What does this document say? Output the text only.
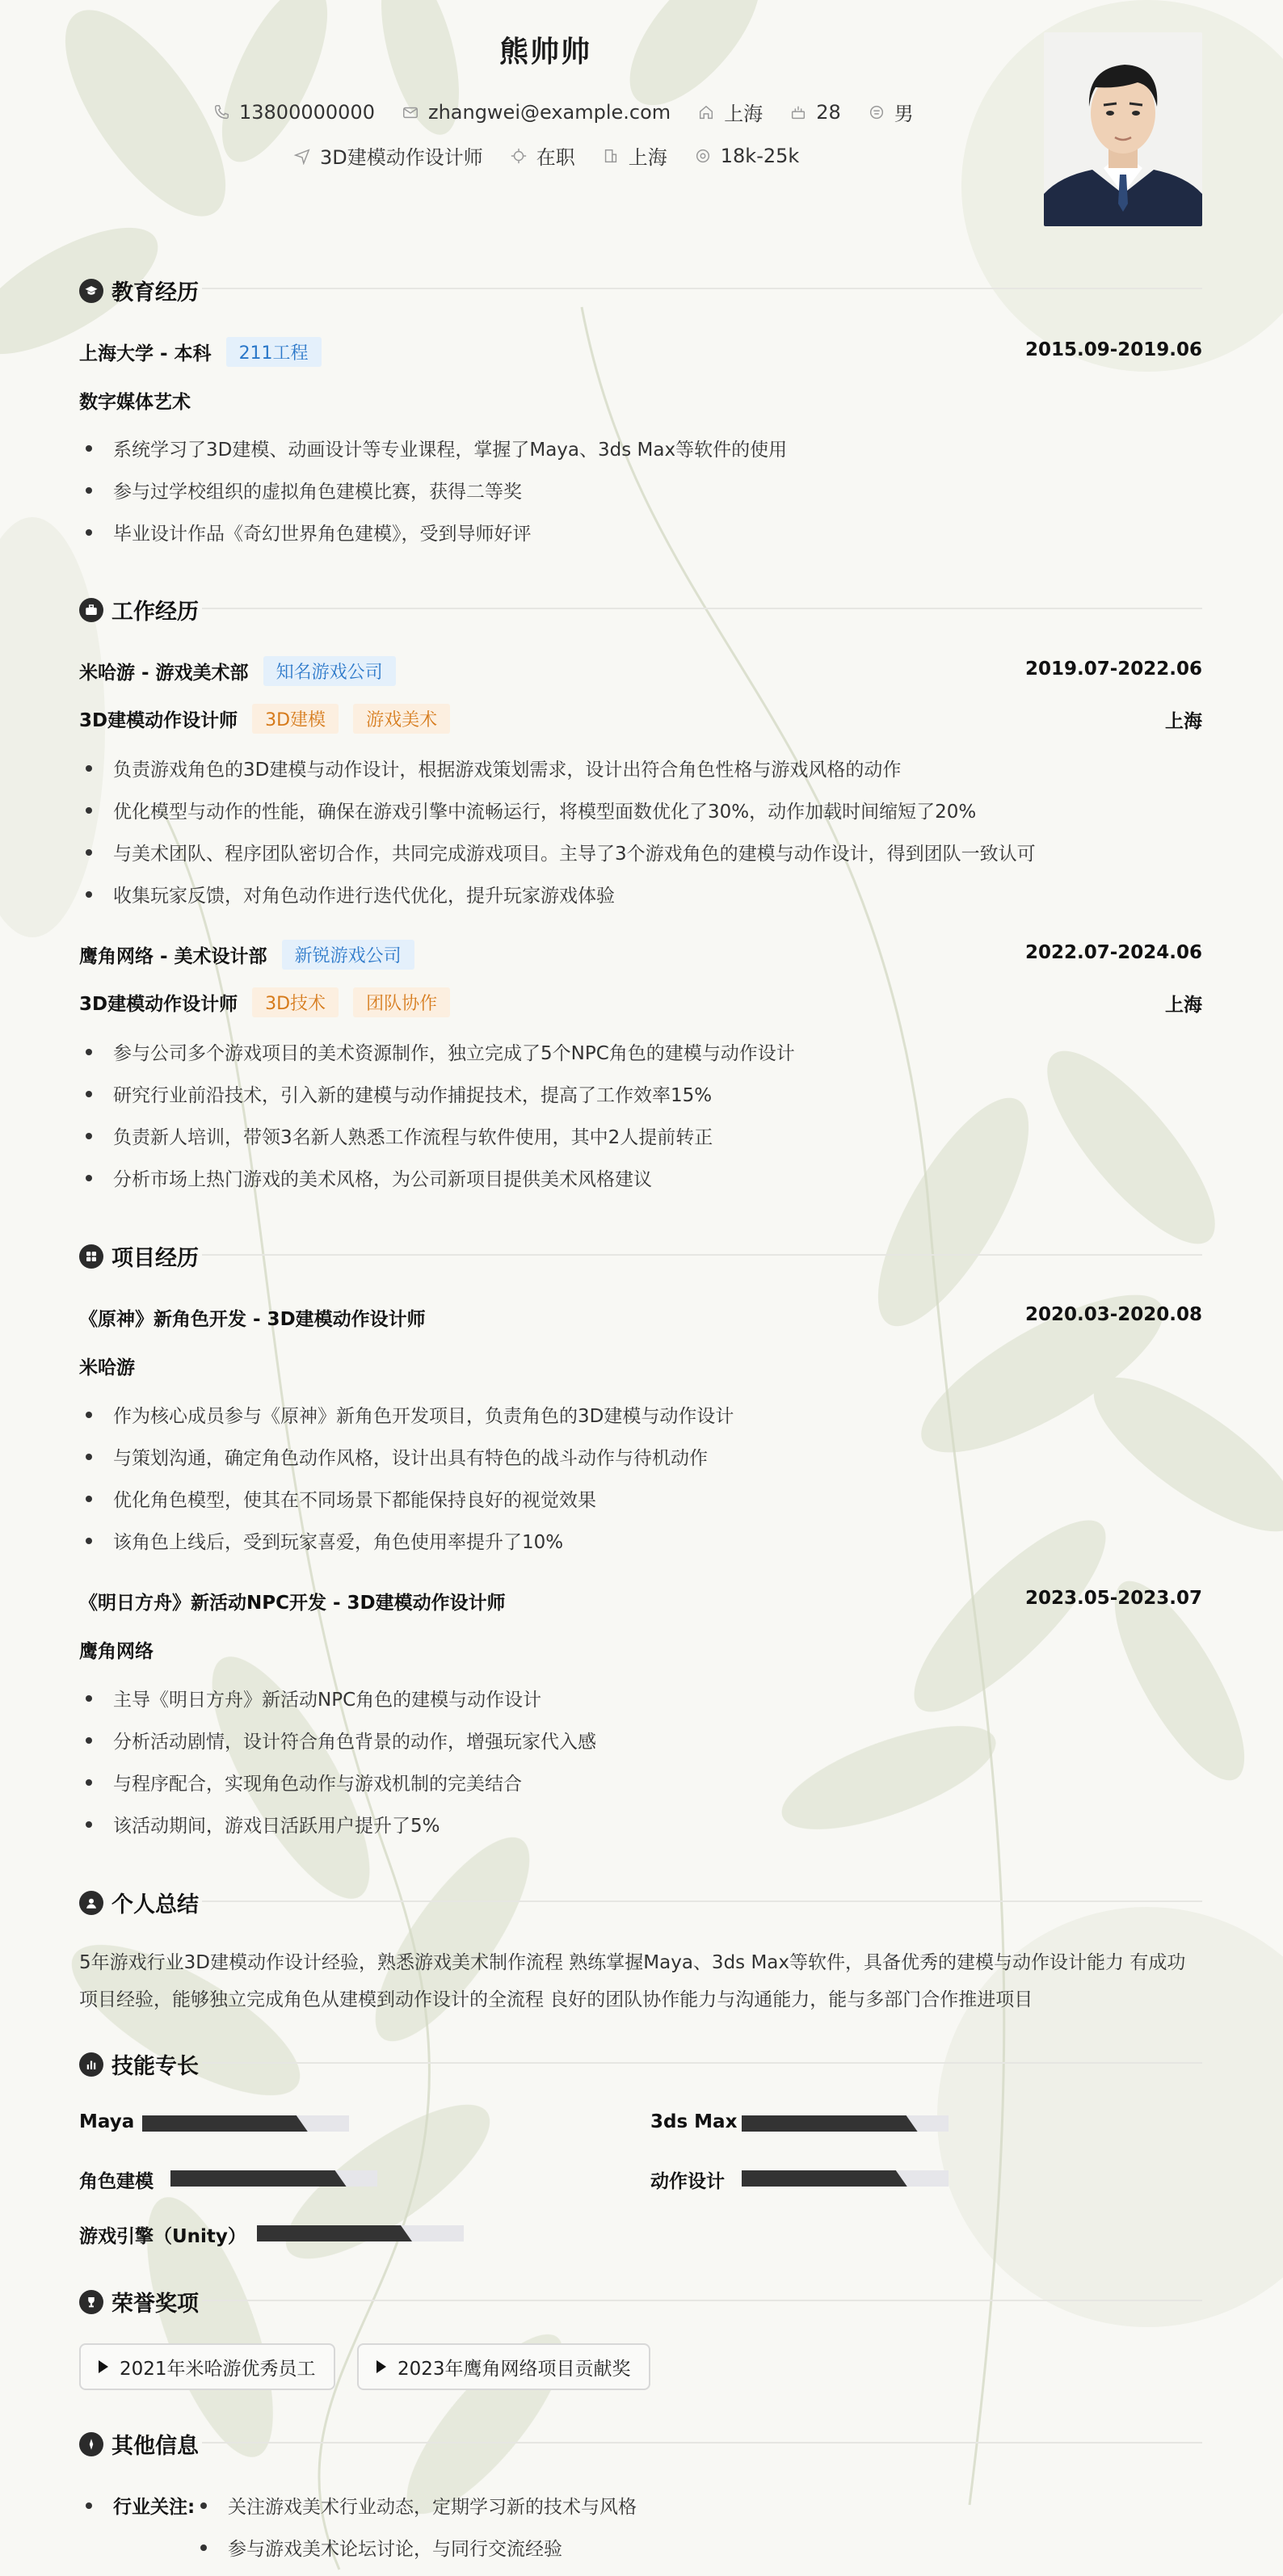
熊帅帅
13800000000	zhangwei@example.com	上海	28	男
3D建模动作设计师	在职	上海	18k-25k
教育经历
上海大学 - 本科	211工程	2015.09-2019.06
数字媒体艺术
系统学习了3D建模、动画设计等专业课程，掌握了Maya、3ds Max等软件的使用
参与过学校组织的虚拟角色建模比赛，获得二等奖
毕业设计作品《奇幻世界角色建模》，受到导师好评
工作经历
米哈游 - 游戏美术部	知名游戏公司	2019.07-2022.06
3D建模动作设计师	3D建模	游戏美术	上海
负责游戏角色的3D建模与动作设计，根据游戏策划需求，设计出符合角色性格与游戏风格的动作
优化模型与动作的性能，确保在游戏引擎中流畅运行，将模型面数优化了30%，动作加载时间缩短了20%
与美术团队、程序团队密切合作，共同完成游戏项目。主导了3个游戏角色的建模与动作设计，得到团队一致认可
收集玩家反馈，对角色动作进行迭代优化，提升玩家游戏体验
鹰角网络 - 美术设计部	新锐游戏公司	2022.07-2024.06
3D建模动作设计师	3D技术	团队协作	上海
参与公司多个游戏项目的美术资源制作，独立完成了5个NPC角色的建模与动作设计
研究行业前沿技术，引入新的建模与动作捕捉技术，提高了工作效率15%
负责新人培训，带领3名新人熟悉工作流程与软件使用，其中2人提前转正
分析市场上热门游戏的美术风格，为公司新项目提供美术风格建议
项目经历
《原神》新角色开发 - 3D建模动作设计师	2020.03-2020.08
米哈游
作为核心成员参与《原神》新角色开发项目，负责角色的3D建模与动作设计
与策划沟通，确定角色动作风格，设计出具有特色的战斗动作与待机动作
优化角色模型，使其在不同场景下都能保持良好的视觉效果
该角色上线后，受到玩家喜爱，角色使用率提升了10%
《明日方舟》新活动NPC开发 - 3D建模动作设计师	2023.05-2023.07
鹰角网络
主导《明日方舟》新活动NPC角色的建模与动作设计
分析活动剧情，设计符合角色背景的动作，增强玩家代入感
与程序配合，实现角色动作与游戏机制的完美结合
该活动期间，游戏日活跃用户提升了5%
个人总结
5年游戏行业3D建模动作设计经验，熟悉游戏美术制作流程 熟练掌握Maya、3ds Max等软件，具备优秀的建模与动作设计能力 有成功项目经验，能够独立完成角色从建模到动作设计的全流程 良好的团队协作能力与沟通能力，能与多部门合作推进项目
技能专长
Maya	3ds Max
角色建模	动作设计
游戏引擎（Unity）
荣誉奖项
2021年米哈游优秀员工	2023年鹰角网络项目贡献奖
其他信息
行业关注:	关注游戏美术行业动态，定期学习新的技术与风格
参与游戏美术论坛讨论，与同行交流经验
